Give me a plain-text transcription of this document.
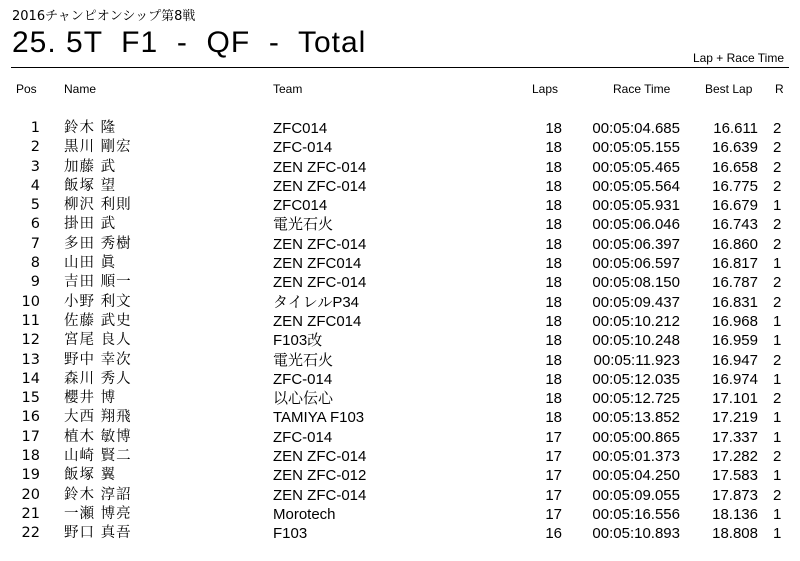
2016チャンピオンシップ第8戦
25. 5T  F1  -  QF  -  Total	Lap + Race Time
Pos Name	Team	Laps	Race Time	Best Lap R
1 鈴木 隆	ZFC014	18	00:05:04.685	16.611 2
2 黒川 剛宏	ZFC-014	18	00:05:05.155	16.639 2
3 加藤 武	ZEN ZFC-014	18	00:05:05.465	16.658 2
4 飯塚 望	ZEN ZFC-014	18	00:05:05.564	16.775 2
5 柳沢 利則	ZFC014	18	00:05:05.931	16.679 1
6 掛田 武	電光石火	18	00:05:06.046	16.743 2
7 多田 秀樹	ZEN ZFC-014	18	00:05:06.397	16.860 2
8 山田 眞	ZEN ZFC014	18	00:05:06.597	16.817 1
9 吉田 順一	ZEN ZFC-014	18	00:05:08.150	16.787 2
10 小野 利文	タイレルP34	18	00:05:09.437	16.831 2
11 佐藤 武史	ZEN ZFC014	18	00:05:10.212	16.968 1
12 宮尾 良人	F103改	18	00:05:10.248	16.959 1
13 野中 幸次	電光石火	18	00:05:11.923	16.947 2
14 森川 秀人	ZFC-014	18	00:05:12.035	16.974 1
15 櫻井 博	以心伝心	18	00:05:12.725	17.101 2
16 大西 翔飛	TAMIYA F103	18	00:05:13.852	17.219 1
17 植木 敏博	ZFC-014	17	00:05:00.865	17.337 1
18 山崎 賢二	ZEN ZFC-014	17	00:05:01.373	17.282 2
19 飯塚 翼	ZEN ZFC-012	17	00:05:04.250	17.583 1
20 鈴木 淳詔	ZEN ZFC-014	17	00:05:09.055	17.873 2
21 一瀬 博亮	Morotech	17	00:05:16.556	18.136 1
22 野口 真吾	F103	16	00:05:10.893	18.808 1
